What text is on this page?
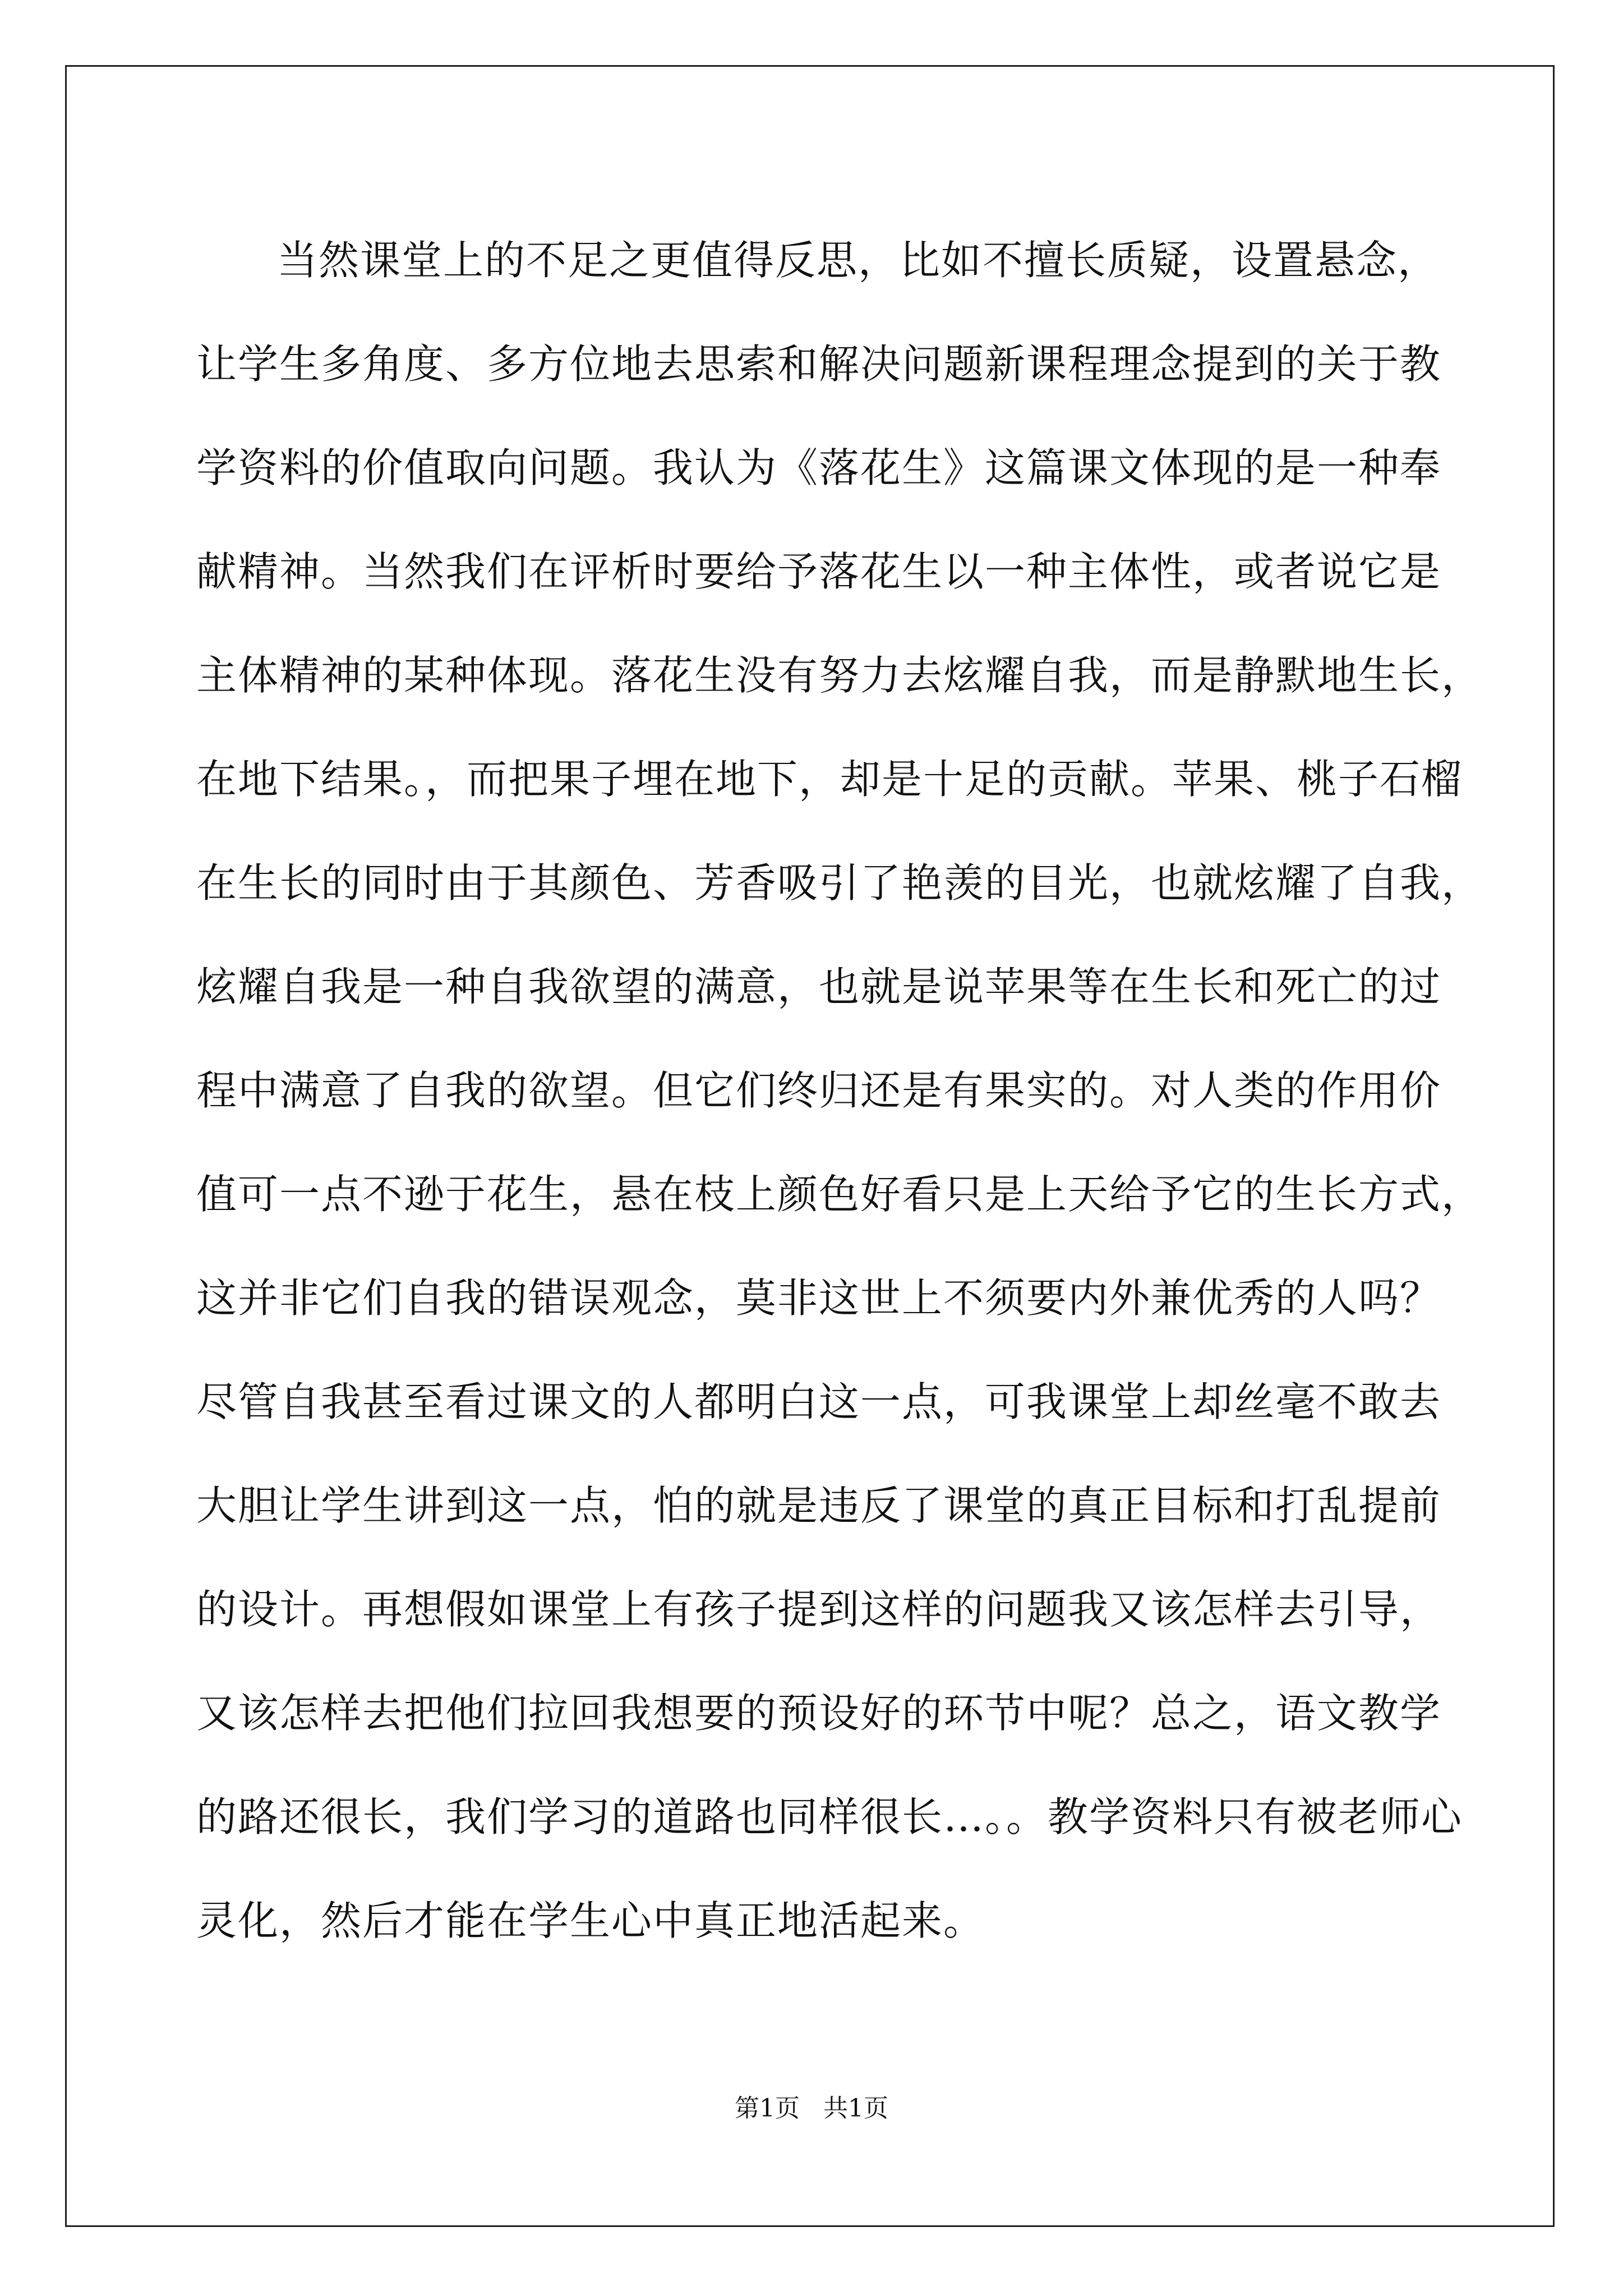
当然课堂上的不足之更值得反思，比如不擅长质疑，设置悬念，
让学生多角度、多方位地去思索和解决问题新课程理念提到的关于教
学资料的价值取向问题。我认为《落花生》这篇课文体现的是一种奉
献精神。当然我们在评析时要给予落花生以一种主体性，或者说它是
主体精神的某种体现。落花生没有努力去炫耀自我，而是静默地生长，
在地下结果。，而把果子埋在地下，却是十足的贡献。苹果、桃子石榴
在生长的同时由于其颜色、芳香吸引了艳羡的目光，也就炫耀了自我，
炫耀自我是一种自我欲望的满意，也就是说苹果等在生长和死亡的过
程中满意了自我的欲望。但它们终归还是有果实的。对人类的作用价
值可一点不逊于花生，悬在枝上颜色好看只是上天给予它的生长方式，
这并非它们自我的错误观念，莫非这世上不须要内外兼优秀的人吗？
尽管自我甚至看过课文的人都明白这一点，可我课堂上却丝毫不敢去
大胆让学生讲到这一点，怕的就是违反了课堂的真正目标和打乱提前
的设计。再想假如课堂上有孩子提到这样的问题我又该怎样去引导，
又该怎样去把他们拉回我想要的预设好的环节中呢？总之，语文教学
的路还很长，我们学习的道路也同样很长…。。教学资料只有被老师心
灵化，然后才能在学生心中真正地活起来。
第1页   共1页
